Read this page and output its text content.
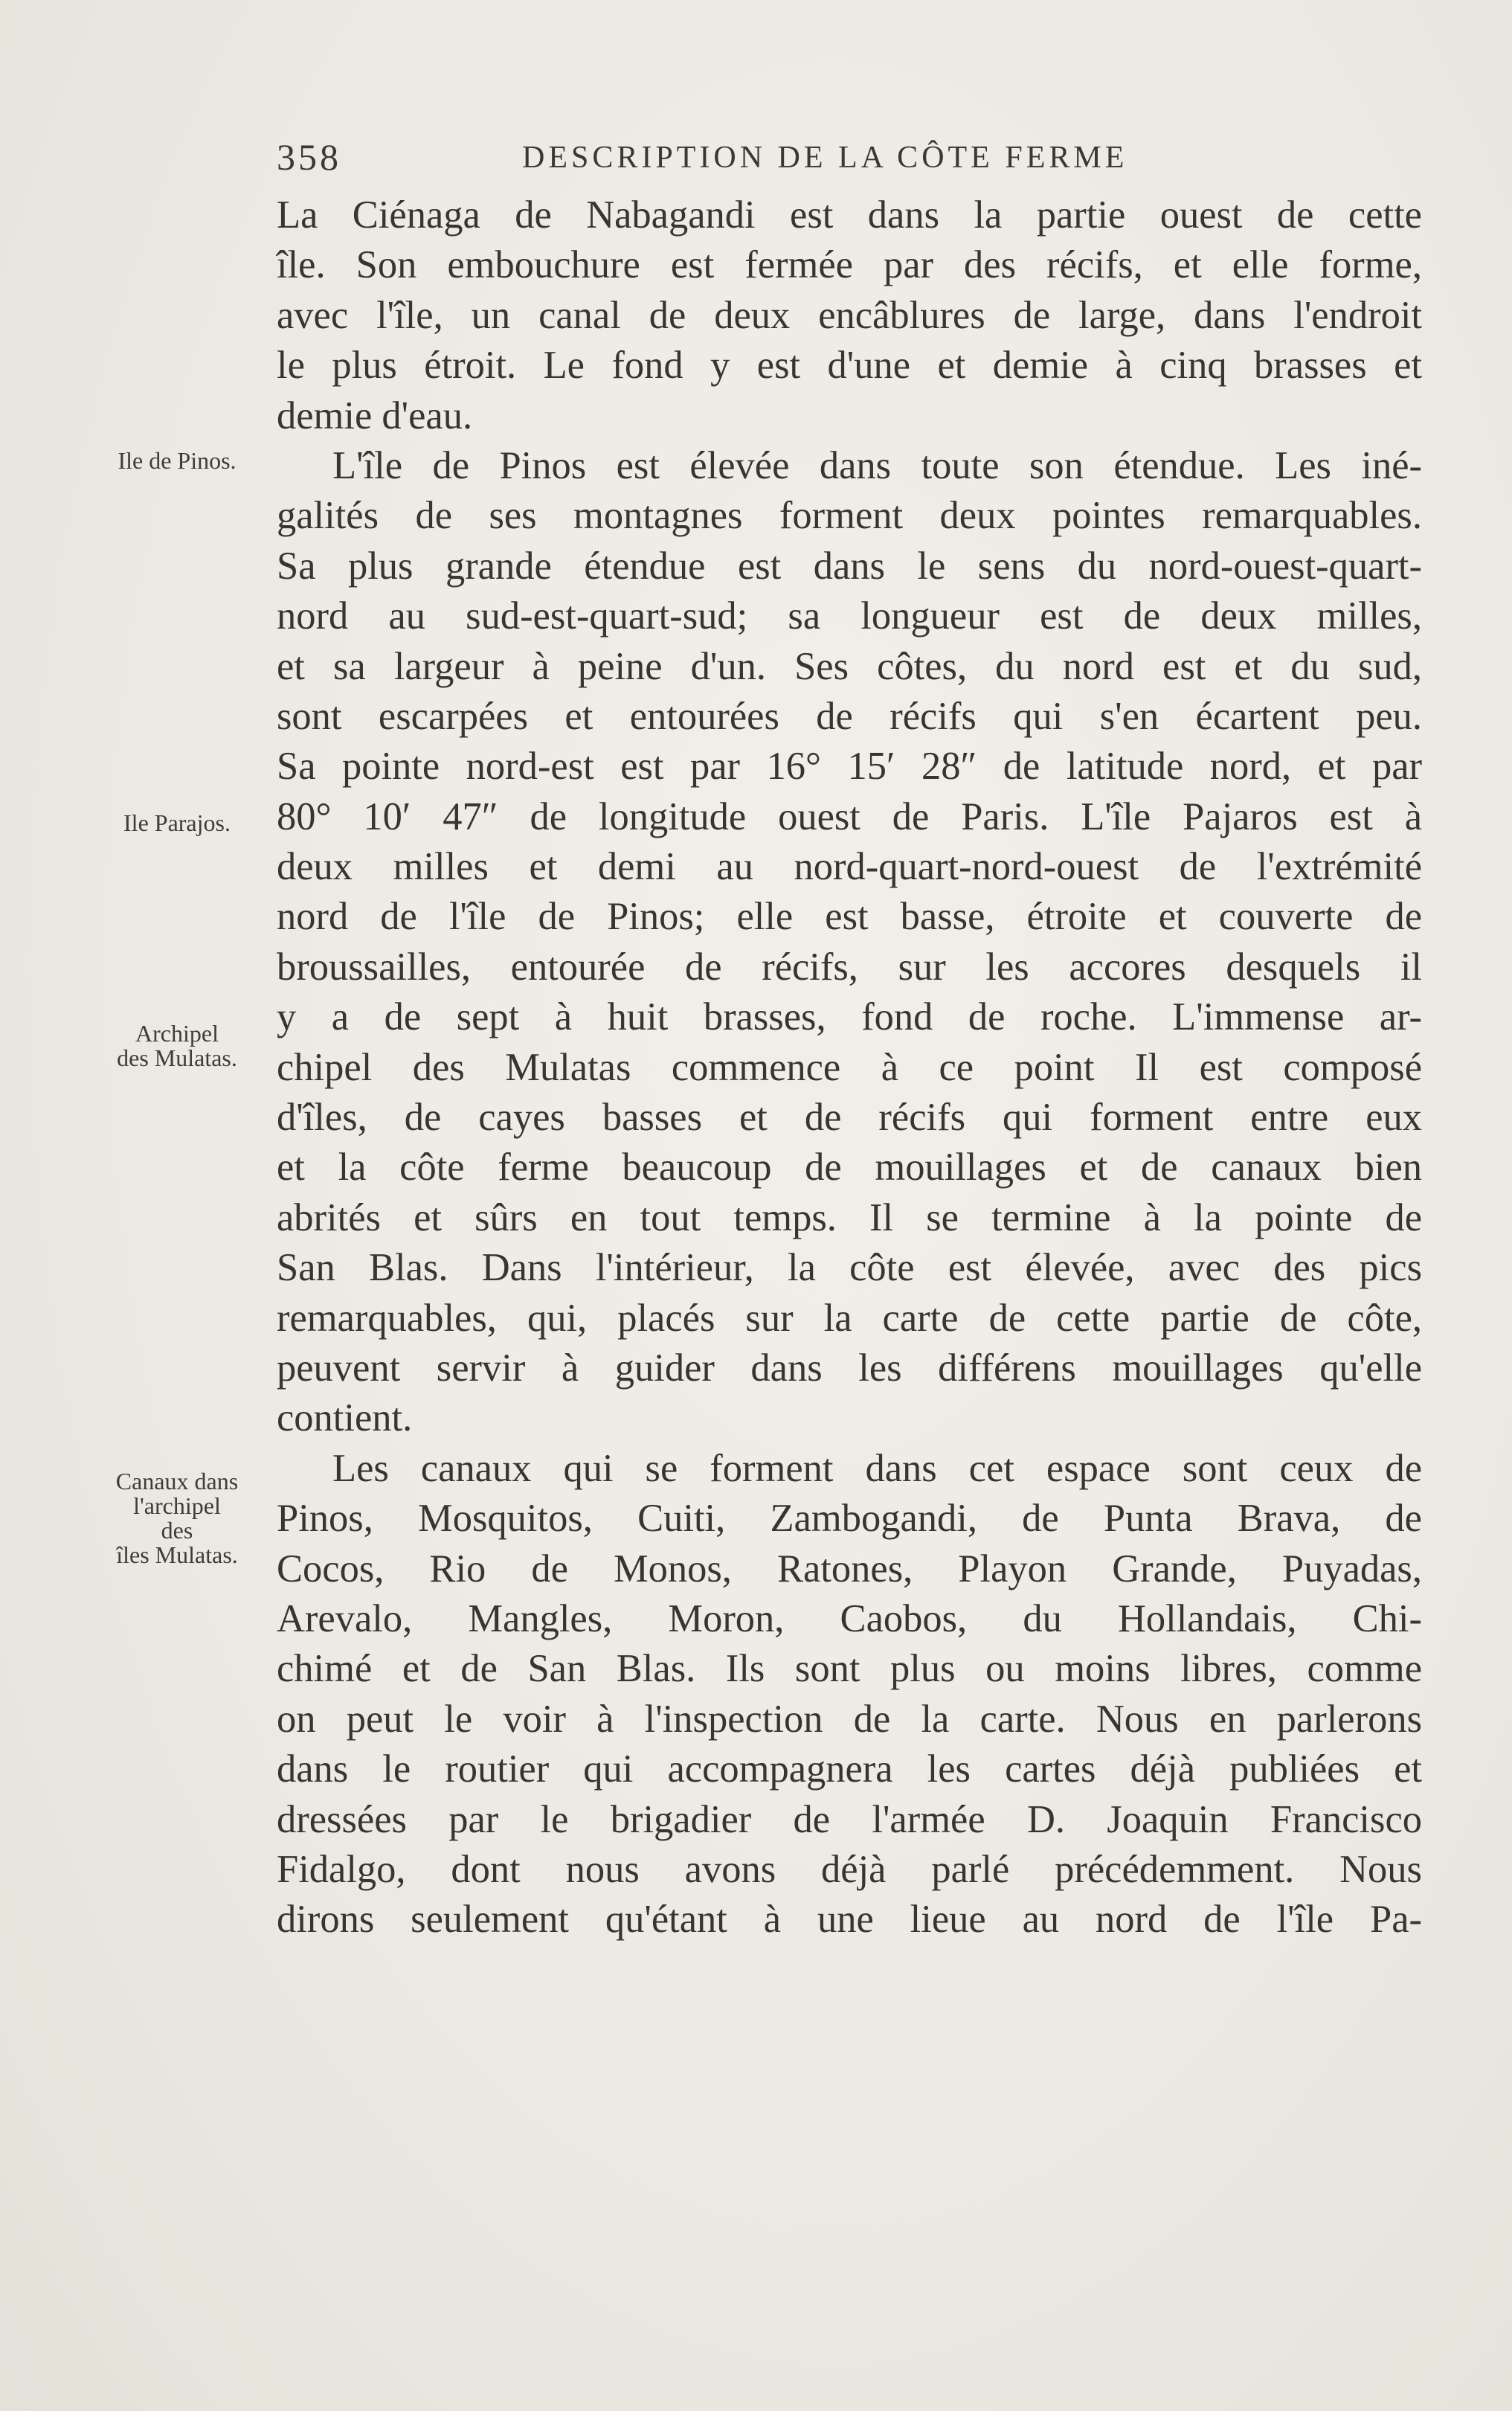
358	DESCRIPTION DE LA CÔTE FERME
Ile de Pinos.
Ile Parajos.
Archipel
des Mulatas.
Canaux dans
l'archipel
des
îles Mulatas.
La Ciénaga de Nabagandi est dans la partie ouest de cette
île. Son embouchure est fermée par des récifs, et elle forme,
avec l'île, un canal de deux encâblures de large, dans l'endroit
le plus étroit. Le fond y est d'une et demie à cinq brasses et
demie d'eau.
L'île de Pinos est élevée dans toute son étendue. Les iné-
galités de ses montagnes forment deux pointes remarquables.
Sa plus grande étendue est dans le sens du nord-ouest-quart-
nord au sud-est-quart-sud; sa longueur est de deux milles,
et sa largeur à peine d'un. Ses côtes, du nord est et du sud,
sont escarpées et entourées de récifs qui s'en écartent peu.
Sa pointe nord-est est par 16° 15′ 28″ de latitude nord, et par
80° 10′ 47″ de longitude ouest de Paris. L'île Pajaros est à
deux milles et demi au nord-quart-nord-ouest de l'extrémité
nord de l'île de Pinos; elle est basse, étroite et couverte de
broussailles, entourée de récifs, sur les accores desquels il
y a de sept à huit brasses, fond de roche. L'immense ar-
chipel des Mulatas commence à ce point Il est composé
d'îles, de cayes basses et de récifs qui forment entre eux
et la côte ferme beaucoup de mouillages et de canaux bien
abrités et sûrs en tout temps. Il se termine à la pointe de
San Blas. Dans l'intérieur, la côte est élevée, avec des pics
remarquables, qui, placés sur la carte de cette partie de côte,
peuvent servir à guider dans les différens mouillages qu'elle
contient.
Les canaux qui se forment dans cet espace sont ceux de
Pinos, Mosquitos, Cuiti, Zambogandi, de Punta Brava, de
Cocos, Rio de Monos, Ratones, Playon Grande, Puyadas,
Arevalo, Mangles, Moron, Caobos, du Hollandais, Chi-
chimé et de San Blas. Ils sont plus ou moins libres, comme
on peut le voir à l'inspection de la carte. Nous en parlerons
dans le routier qui accompagnera les cartes déjà publiées et
dressées par le brigadier de l'armée D. Joaquin Francisco
Fidalgo, dont nous avons déjà parlé précédemment. Nous
dirons seulement qu'étant à une lieue au nord de l'île Pa-
